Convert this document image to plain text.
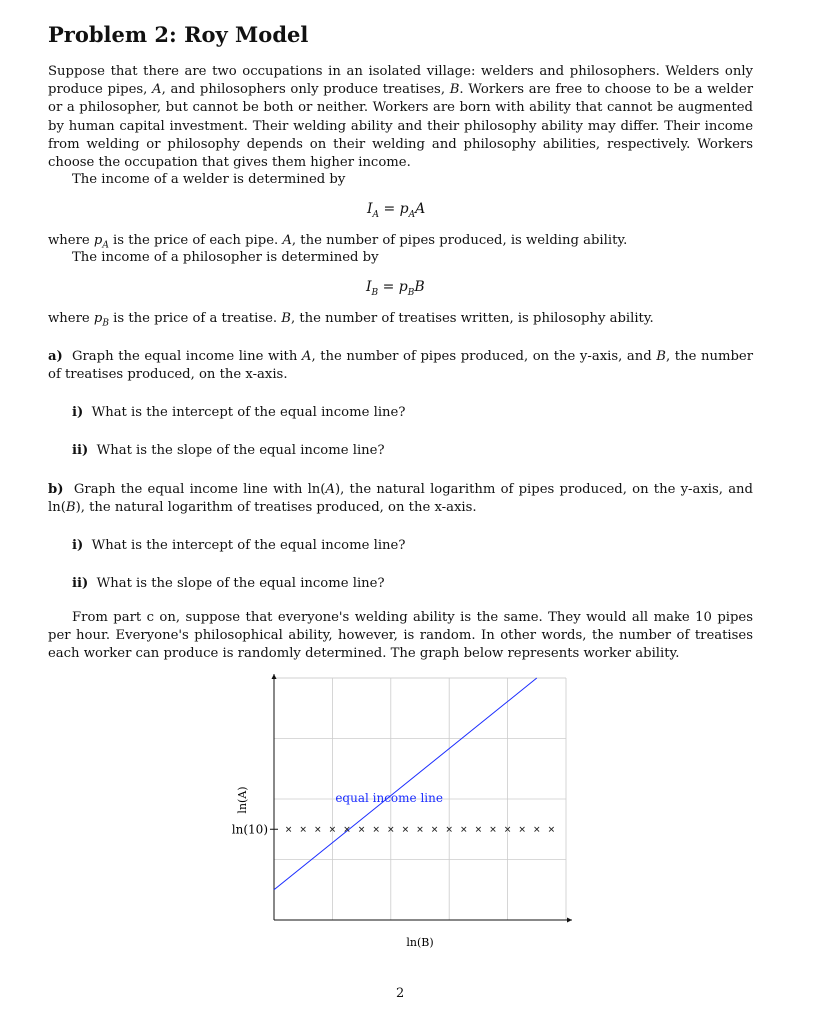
Problem 2: Roy Model

Suppose that there are two occupations in an isolated village: welders and philosophers. Welders only produce pipes, A, and philosophers only produce treatises, B. Workers are free to choose to be a welder or a philosopher, but cannot be both or neither. Workers are born with ability that cannot be augmented by human capital investment. Their welding ability and their philosophy ability may differ. Their income from welding or philosophy depends on their welding and philosophy abilities, respectively. Workers choose the occupation that gives them higher income.

The income of a welder is determined by
$I_A = p_AA$
where $p_A$ is the price of each pipe. A, the number of pipes produced, is welding ability.
The income of a philosopher is determined by
$I_B = p_BB$
where $p_B$ is the price of a treatise. B, the number of treatises written, is philosophy ability.

a)  Graph the equal income line with A, the number of pipes produced, on the y-axis, and B, the number of treatises produced, on the x-axis.

i) What is the intercept of the equal income line?
ii) What is the slope of the equal income line?

b)  Graph the equal income line with ln(A), the natural logarithm of pipes produced, on the y-axis, and ln(B), the natural logarithm of treatises produced, on the x-axis.

i) What is the intercept of the equal income line?
ii) What is the slope of the equal income line?

From part c on, suppose that everyone's welding ability is the same. They would all make 10 pipes per hour. Everyone's philosophical ability, however, is random. In other words, the number of treatises each worker can produce is randomly determined. The graph below represents worker ability.

ln(10)
equal income line
ln(A)
ln(B)
2
